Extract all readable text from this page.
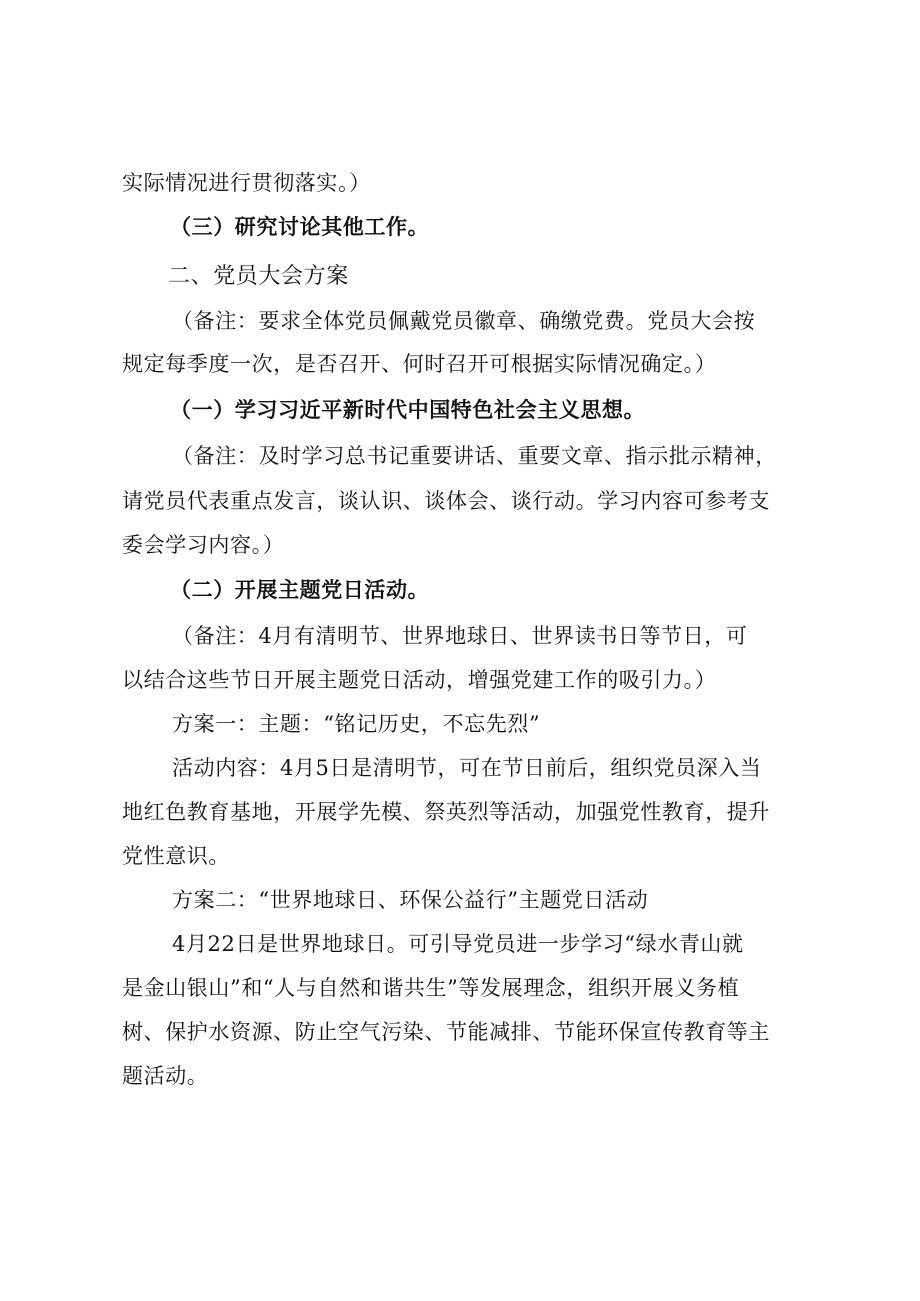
实际情况进行贯彻落实。）
（三）研究讨论其他工作。
二、党员大会方案
（备注：要求全体党员佩戴党员徽章、确缴党费。党员大会按
规定每季度一次，是否召开、何时召开可根据实际情况确定。）
（一）学习习近平新时代中国特色社会主义思想。
（备注：及时学习总书记重要讲话、重要文章、指示批示精神，
请党员代表重点发言，谈认识、谈体会、谈行动。学习内容可参考支
委会学习内容。）
（二）开展主题党日活动。
（备注：4月有清明节、世界地球日、世界读书日等节日，可
以结合这些节日开展主题党日活动，增强党建工作的吸引力。）
方案一：主题：“铭记历史，不忘先烈”
活动内容：4月5日是清明节，可在节日前后，组织党员深入当
地红色教育基地，开展学先模、祭英烈等活动，加强党性教育，提升
党性意识。
方案二：“世界地球日、环保公益行”主题党日活动
4月22日是世界地球日。可引导党员进一步学习“绿水青山就
是金山银山”和“人与自然和谐共生”等发展理念，组织开展义务植
树、保护水资源、防止空气污染、节能减排、节能环保宣传教育等主
题活动。
